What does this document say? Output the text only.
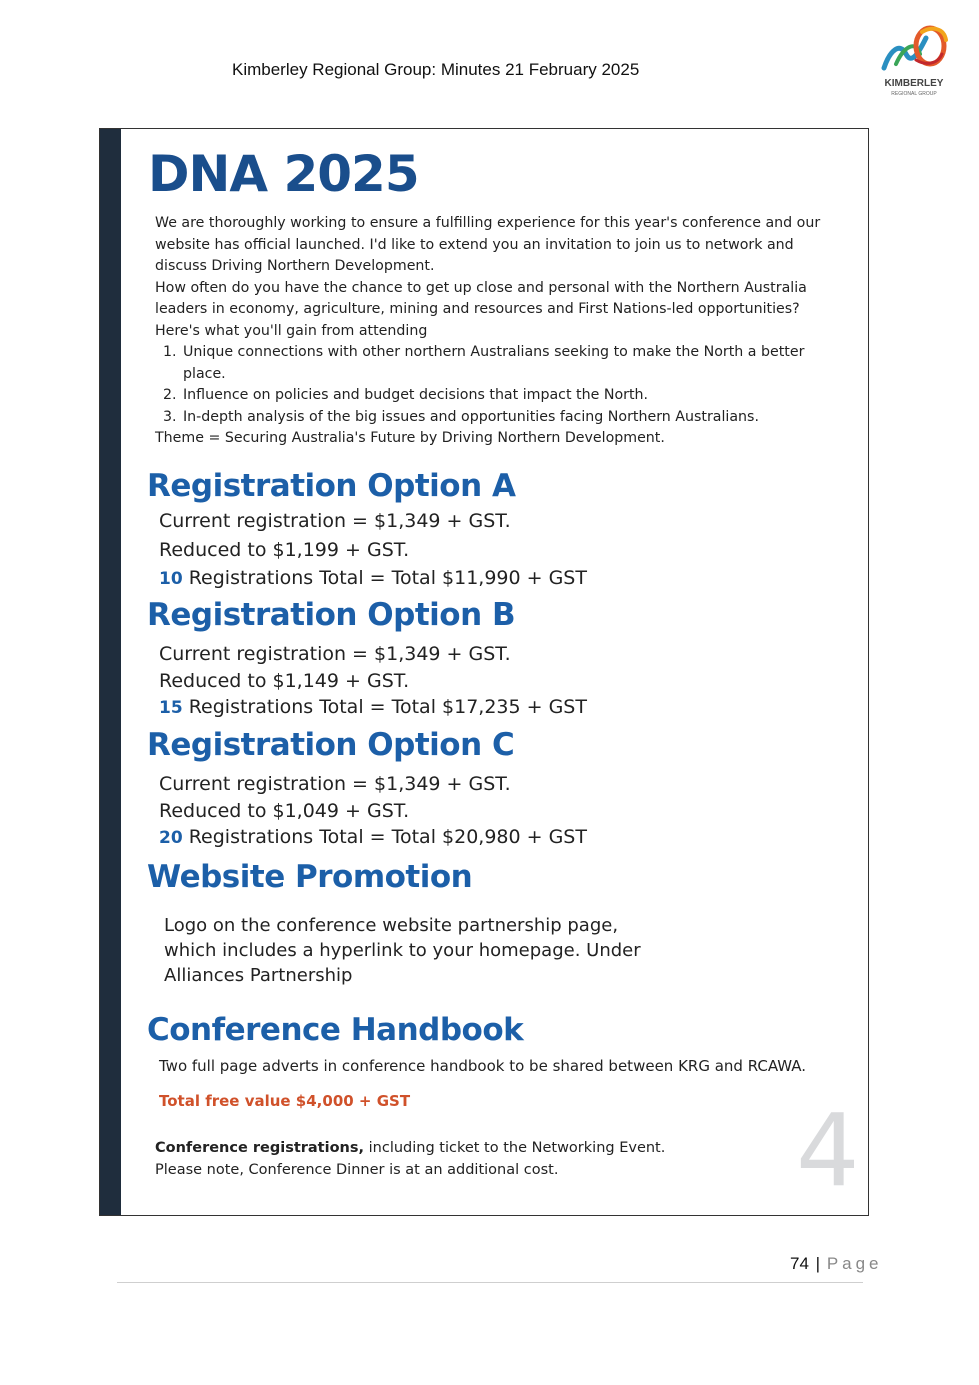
Kimberley Regional Group: Minutes 21 February 2025
KIMBERLEY
REGIONAL GROUP
DNA 2025

We are thoroughly working to ensure a fulfilling experience for this year's conference and our website has official launched. I'd like to extend you an invitation to join us to network and discuss Driving Northern Development.

How often do you have the chance to get up close and personal with the Northern Australia leaders in economy, agriculture, mining and resources and First Nations-led opportunities?

Here's what you'll gain from attending

1. Unique connections with other northern Australians seeking to make the North a better place.
2. Influence on policies and budget decisions that impact the North.
3. In-depth analysis of the big issues and opportunities facing Northern Australians.

Theme = Securing Australia's Future by Driving Northern Development.

Registration Option A
Current registration = $1,349 + GST.
Reduced to $1,199 + GST.
10 Registrations Total = Total $11,990 + GST
Registration Option B
Current registration = $1,349 + GST.
Reduced to $1,149 + GST.
15 Registrations Total = Total $17,235 + GST
Registration Option C
Current registration = $1,349 + GST.
Reduced to $1,049 + GST.
20 Registrations Total = Total $20,980 + GST
Website Promotion
Logo on the conference website partnership page,
which includes a hyperlink to your homepage. Under
Alliances Partnership
Conference Handbook
Two full page adverts in conference handbook to be shared between KRG and RCAWA.
Total free value $4,000 + GST
Conference registrations, including ticket to the Networking Event.
Please note, Conference Dinner is at an additional cost.	4
74 | Page
